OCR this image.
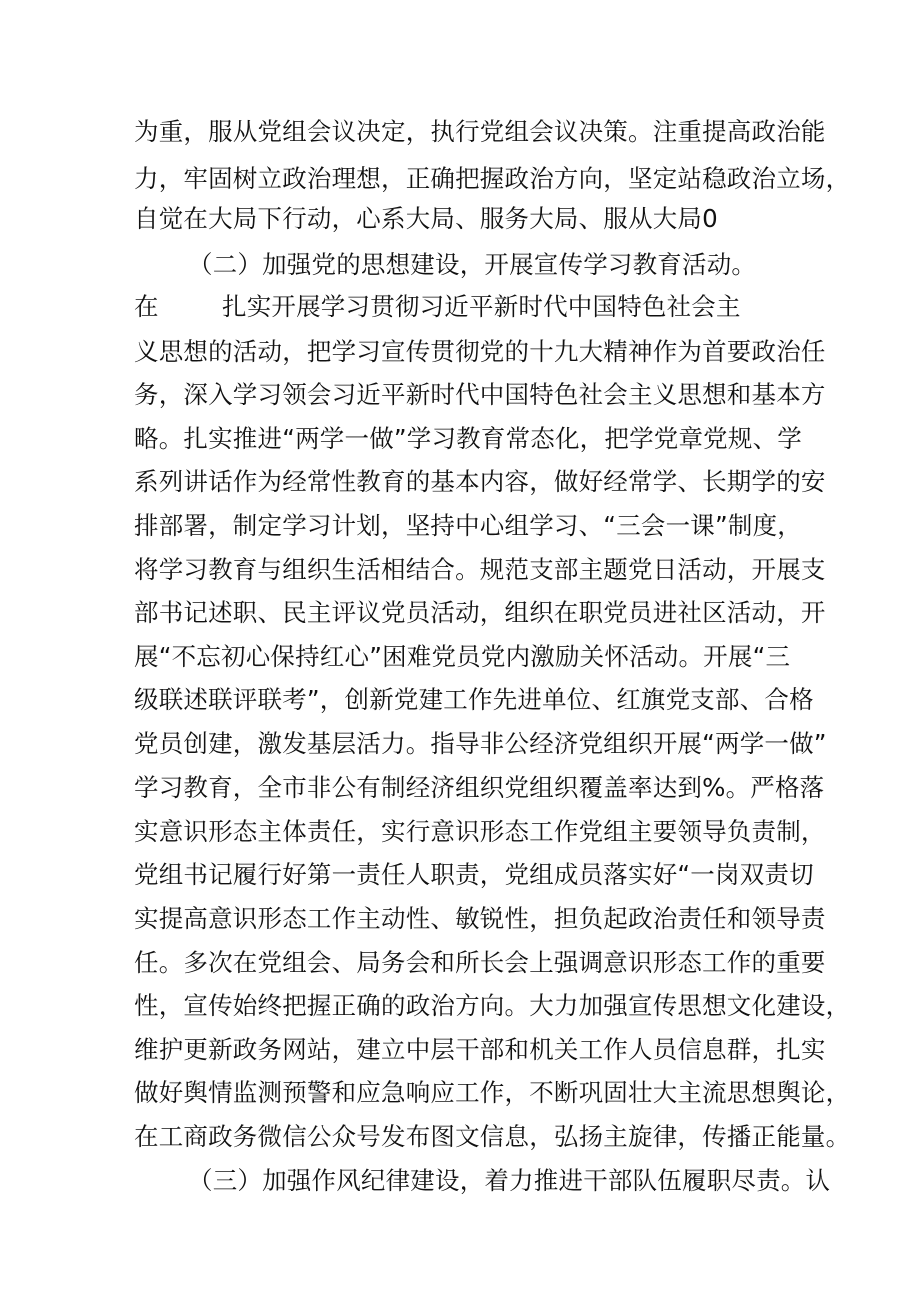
为重，服从党组会议决定，执行党组会议决策。注重提高政治能
力，牢固树立政治理想，正确把握政治方向，坚定站稳政治立场，
自觉在大局下行动，心系大局、服务大局、服从大局0
（二）加强党的思想建设，开展宣传学习教育活动。
在	扎实开展学习贯彻习近平新时代中国特色社会主
义思想的活动，把学习宣传贯彻党的十九大精神作为首要政治任
务，深入学习领会习近平新时代中国特色社会主义思想和基本方
略。扎实推进“两学一做”学习教育常态化，把学党章党规、学
系列讲话作为经常性教育的基本内容，做好经常学、长期学的安
排部署，制定学习计划，坚持中心组学习、“三会一课”制度，
将学习教育与组织生活相结合。规范支部主题党日活动，开展支
部书记述职、民主评议党员活动，组织在职党员进社区活动，开
展“不忘初心保持红心”困难党员党内激励关怀活动。开展“三
级联述联评联考”，创新党建工作先进单位、红旗党支部、合格
党员创建，激发基层活力。指导非公经济党组织开展“两学一做”
学习教育，全市非公有制经济组织党组织覆盖率达到%。严格落
实意识形态主体责任，实行意识形态工作党组主要领导负责制，
党组书记履行好第一责任人职责，党组成员落实好“一岗双责切
实提高意识形态工作主动性、敏锐性，担负起政治责任和领导责
任。多次在党组会、局务会和所长会上强调意识形态工作的重要
性，宣传始终把握正确的政治方向。大力加强宣传思想文化建设，
维护更新政务网站，建立中层干部和机关工作人员信息群，扎实
做好舆情监测预警和应急响应工作，不断巩固壮大主流思想舆论，
在工商政务微信公众号发布图文信息，弘扬主旋律，传播正能量。
（三）加强作风纪律建设，着力推进干部队伍履职尽责。认
